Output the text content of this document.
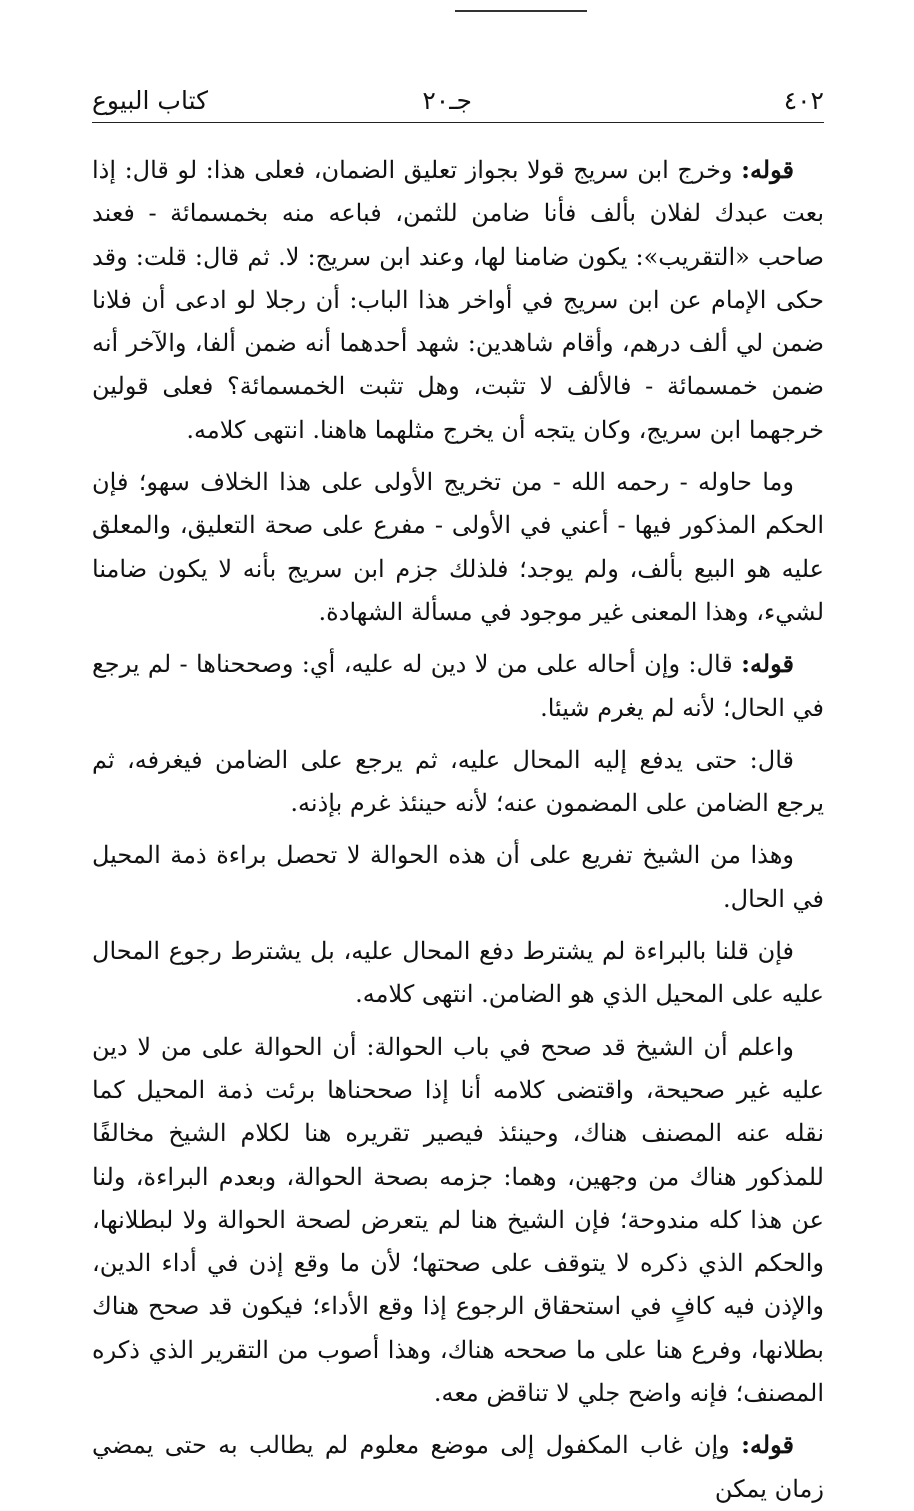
٤٠٢
جـ٢٠
كتاب البيوع

قوله: وخرج ابن سريج قولا بجواز تعليق الضمان، فعلى هذا: لو قال: إذا بعت عبدك لفلان بألف فأنا ضامن للثمن، فباعه منه بخمسمائة - فعند صاحب «التقريب»: يكون ضامنا لها، وعند ابن سريج: لا. ثم قال: قلت: وقد حكى الإمام عن ابن سريج في أواخر هذا الباب: أن رجلا لو ادعى أن فلانا ضمن لي ألف درهم، وأقام شاهدين: شهد أحدهما أنه ضمن ألفا، والآخر أنه ضمن خمسمائة - فالألف لا تثبت، وهل تثبت الخمسمائة؟ فعلى قولين خرجهما ابن سريج، وكان يتجه أن يخرج مثلهما هاهنا. انتهى كلامه.

وما حاوله - رحمه الله - من تخريج الأولى على هذا الخلاف سهو؛ فإن الحكم المذكور فيها - أعني في الأولى - مفرع على صحة التعليق، والمعلق عليه هو البيع بألف، ولم يوجد؛ فلذلك جزم ابن سريج بأنه لا يكون ضامنا لشيء، وهذا المعنى غير موجود في مسألة الشهادة.

قوله: قال: وإن أحاله على من لا دين له عليه، أي: وصححناها - لم يرجع في الحال؛ لأنه لم يغرم شيئا.

قال: حتى يدفع إليه المحال عليه، ثم يرجع على الضامن فيغرفه، ثم يرجع الضامن على المضمون عنه؛ لأنه حينئذ غرم بإذنه.

وهذا من الشيخ تفريع على أن هذه الحوالة لا تحصل براءة ذمة المحيل في الحال.

فإن قلنا بالبراءة لم يشترط دفع المحال عليه، بل يشترط رجوع المحال عليه على المحيل الذي هو الضامن. انتهى كلامه.

واعلم أن الشيخ قد صحح في باب الحوالة: أن الحوالة على من لا دين عليه غير صحيحة، واقتضى كلامه أنا إذا صححناها برئت ذمة المحيل كما نقله عنه المصنف هناك، وحينئذ فيصير تقريره هنا لكلام الشيخ مخالفًا للمذكور هناك من وجهين، وهما: جزمه بصحة الحوالة، وبعدم البراءة، ولنا عن هذا كله مندوحة؛ فإن الشيخ هنا لم يتعرض لصحة الحوالة ولا لبطلانها، والحكم الذي ذكره لا يتوقف على صحتها؛ لأن ما وقع إذن في أداء الدين، والإذن فيه كافٍ في استحقاق الرجوع إذا وقع الأداء؛ فيكون قد صحح هناك بطلانها، وفرع هنا على ما صححه هناك، وهذا أصوب من التقرير الذي ذكره المصنف؛ فإنه واضح جلي لا تناقض معه.

قوله: وإن غاب المكفول إلى موضع معلوم لم يطالب به حتى يمضي زمان يمكن
